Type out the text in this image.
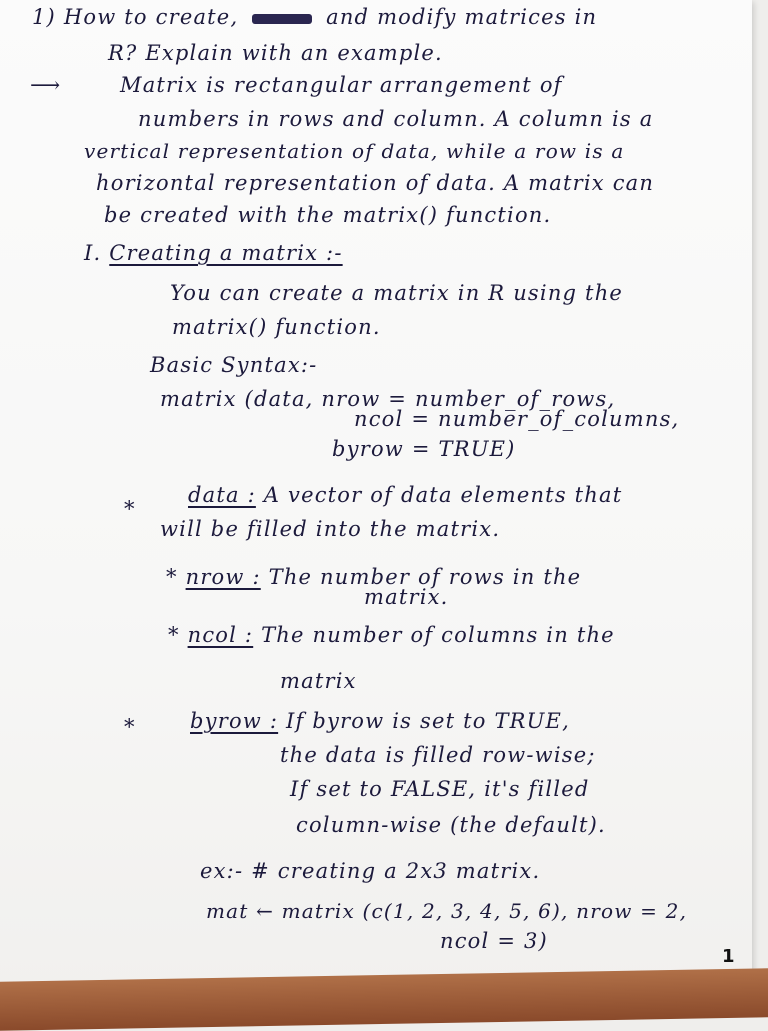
1) How to create,	and modify matrices in
R? Explain with an example.
⟶	Matrix is rectangular arrangement of
numbers in rows and column. A column is a
vertical representation of data, while a row is a
horizontal representation of data. A matrix can
be created with the matrix() function.
I. Creating a matrix :-
You can create a matrix in R using the
matrix() function.
Basic Syntax:-
matrix (data, nrow = number_of_rows,
ncol = number_of_columns,
byrow = TRUE)
*
data : A vector of data elements that
will be filled into the matrix.
* nrow : The number of rows in the
matrix.
* ncol : The number of columns in the
matrix
*	byrow : If byrow is set to TRUE,
the data is filled row-wise;
If set to FALSE, it's filled
column-wise (the default).
ex:- # creating a 2x3 matrix.
mat ← matrix (c(1, 2, 3, 4, 5, 6), nrow = 2,
ncol = 3)
1
